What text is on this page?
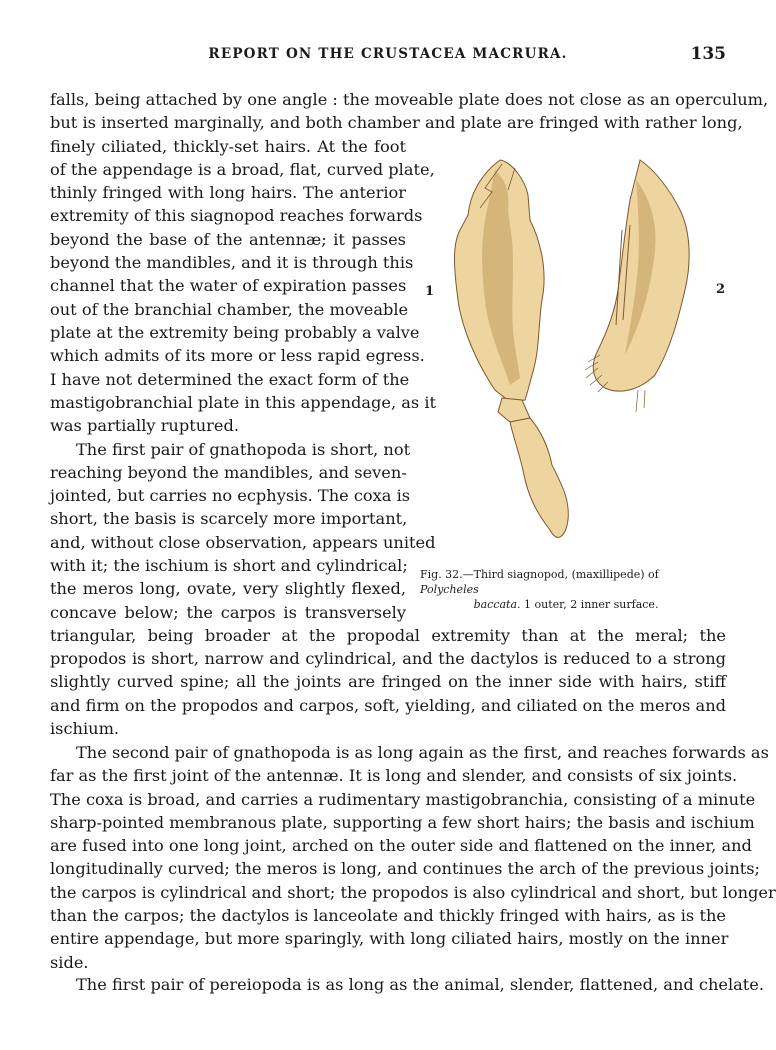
REPORT ON THE CRUSTACEA MACRURA.	135
falls, being attached by one angle : the moveable plate does not close as an operculum,
but is inserted marginally, and both chamber and plate are fringed with rather long,
finely ciliated, thickly-set hairs. At the foot
of the appendage is a broad, flat, curved plate,
thinly fringed with long hairs. The anterior
extremity of this siagnopod reaches forwards
beyond the base of the antennæ; it passes
beyond the mandibles, and it is through this
channel that the water of expiration passes
out of the branchial chamber, the moveable
plate at the extremity being probably a valve
which admits of its more or less rapid egress.
I have not determined the exact form of the
mastigobranchial plate in this appendage, as it
was partially ruptured.
The first pair of gnathopoda is short, not
reaching beyond the mandibles, and seven-
jointed, but carries no ecphysis. The coxa is
short, the basis is scarcely more important,
and, without close observation, appears united
with it; the ischium is short and cylindrical;
the meros long, ovate, very slightly flexed,
concave below; the carpos is transversely
triangular, being broader at the propodal extremity than at the meral; the
propodos is short, narrow and cylindrical, and the dactylos is reduced to a strong
slightly curved spine; all the joints are fringed on the inner side with hairs, stiff
and firm on the propodos and carpos, soft, yielding, and ciliated on the meros and
ischium.
The second pair of gnathopoda is as long again as the first, and reaches forwards as
far as the first joint of the antennæ. It is long and slender, and consists of six joints.
The coxa is broad, and carries a rudimentary mastigobranchia, consisting of a minute
sharp-pointed membranous plate, supporting a few short hairs; the basis and ischium
are fused into one long joint, arched on the outer side and flattened on the inner, and
longitudinally curved; the meros is long, and continues the arch of the previous joints;
the carpos is cylindrical and short; the propodos is also cylindrical and short, but longer
than the carpos; the dactylos is lanceolate and thickly fringed with hairs, as is the
entire appendage, but more sparingly, with long ciliated hairs, mostly on the inner
side.
The first pair of pereiopoda is as long as the animal, slender, flattened, and chelate.
1	2
Fig. 32.—Third siagnopod, (maxillipede) of Polycheles
baccata. 1 outer, 2 inner surface.
